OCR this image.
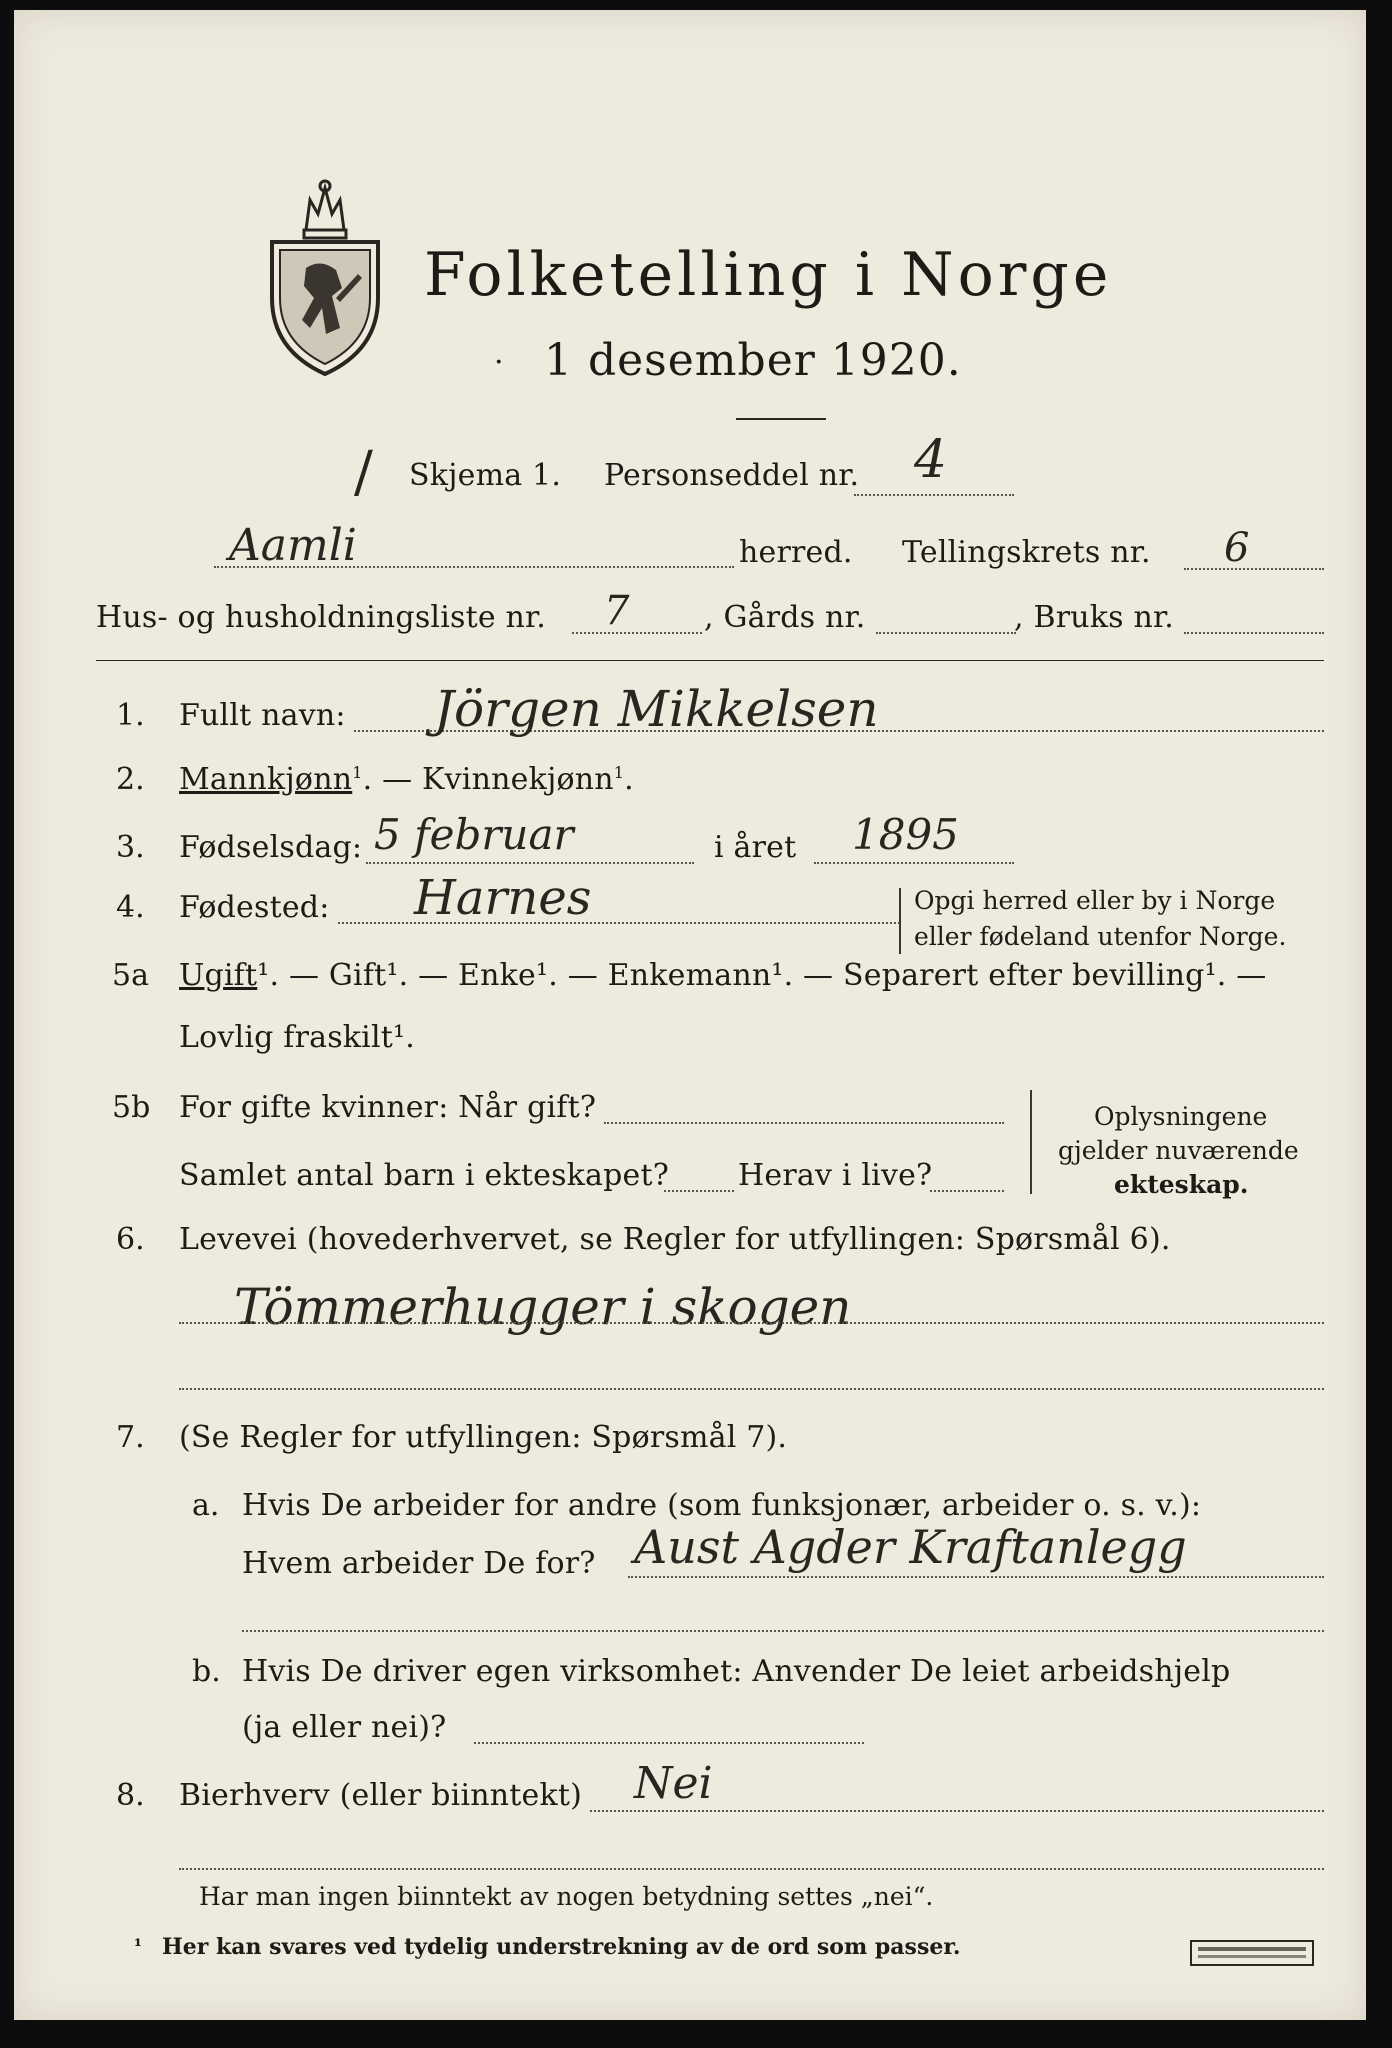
Folketelling i Norge
1 desember 1920.
·
Skjema 1. Personseddel nr. 4
/
Aamli	herred. Tellingskrets nr. 6
Hus- og husholdningsliste nr. 7 , Gårds nr.	, Bruks nr.
1. Fullt navn: Jörgen Mikkelsen
2. Mannkjønn$^1$. — Kvinnekjønn$^1$.
3. Fødselsdag: 5 februar	i året 1895
4. Fødested: Harnes	Opgi herred eller by i Norge
eller fødeland utenfor Norge.
5a Ugift¹. — Gift¹. — Enke¹. — Enkemann¹. — Separert efter bevilling¹. —
Lovlig fraskilt¹.
5b For gifte kvinner: Når gift?
Samlet antal barn i ekteskapet? Herav i live?
Oplysningene
gjelder nuværende
ekteskap.
6. Levevei (hovederhvervet, se Regler for utfyllingen: Spørsmål 6).
Tömmerhugger i skogen
7. (Se Regler for utfyllingen: Spørsmål 7).
a. Hvis De arbeider for andre (som funksjonær, arbeider o. s. v.):
Hvem arbeider De for? Aust Agder Kraftanlegg
b. Hvis De driver egen virksomhet: Anvender De leiet arbeidshjelp
(ja eller nei)?
8. Bierhverv (eller biinntekt) Nei
Har man ingen biinntekt av nogen betydning settes „nei“.
¹ Her kan svares ved tydelig understrekning av de ord som passer.
